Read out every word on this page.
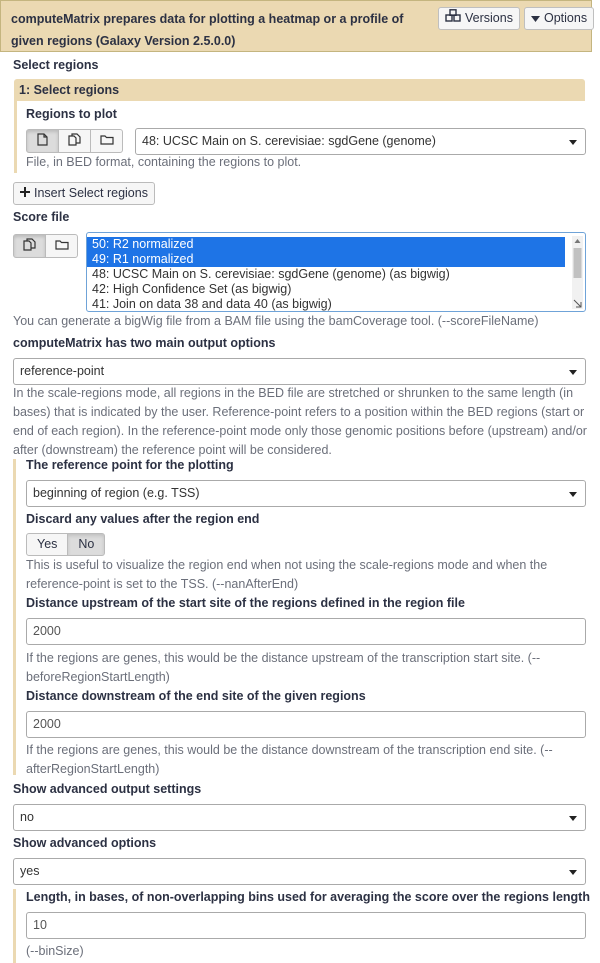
computeMatrix prepares data for plotting a heatmap or a profile of given regions (Galaxy Version 2.5.0.0)
Versions Options
Select regions
1: Select regions
Regions to plot
48: UCSC Main on S. cerevisiae: sgdGene (genome)
File, in BED format, containing the regions to plot.
Insert Select regions
Score file
50: R2 normalized
49: R1 normalized
48: UCSC Main on S. cerevisiae: sgdGene (genome) (as bigwig)
42: High Confidence Set (as bigwig)
41: Join on data 38 and data 40 (as bigwig)
You can generate a bigWig file from a BAM file using the bamCoverage tool. (--scoreFileName)
computeMatrix has two main output options
reference-point
In the scale-regions mode, all regions in the BED file are stretched or shrunken to the same length (in bases) that is indicated by the user. Reference-point refers to a position within the BED regions (start or end of each region). In the reference-point mode only those genomic positions before (upstream) and/or after (downstream) the reference point will be considered.
The reference point for the plotting
beginning of region (e.g. TSS)
Discard any values after the region end
Yes	No
This is useful to visualize the region end when not using the scale-regions mode and when the reference-point is set to the TSS. (--nanAfterEnd)
Distance upstream of the start site of the regions defined in the region file
2000
If the regions are genes, this would be the distance upstream of the transcription start site. (--beforeRegionStartLength)
Distance downstream of the end site of the given regions
2000
If the regions are genes, this would be the distance downstream of the transcription end site. (--afterRegionStartLength)
Show advanced output settings
no
Show advanced options
yes
Length, in bases, of non-overlapping bins used for averaging the score over the regions length
10
(--binSize)
